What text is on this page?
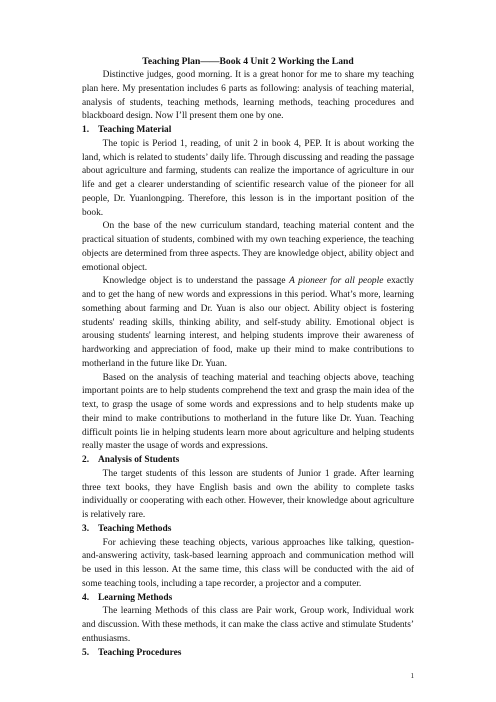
Teaching Plan——Book 4 Unit 2 Working the Land

Distinctive judges, good morning. It is a great honor for me to share my teaching plan here. My presentation includes 6 parts as following: analysis of teaching material, analysis of students, teaching methods, learning methods, teaching procedures and blackboard design. Now I’ll present them one by one.

1. Teaching Material

The topic is Period 1, reading, of unit 2 in book 4, PEP. It is about working the land, which is related to students’ daily life. Through discussing and reading the passage about agriculture and farming, students can realize the importance of agriculture in our life and get a clearer understanding of scientific research value of the pioneer for all people, Dr. Yuanlongping. Therefore, this lesson is in the important position of the book.

On the base of the new curriculum standard, teaching material content and the practical situation of students, combined with my own teaching experience, the teaching objects are determined from three aspects. They are knowledge object, ability object and emotional object.

Knowledge object is to understand the passage A pioneer for all people exactly and to get the hang of new words and expressions in this period. What’s more, learning something about farming and Dr. Yuan is also our object. Ability object is fostering students' reading skills, thinking ability, and self-study ability. Emotional object is arousing students' learning interest, and helping students improve their awareness of hardworking and appreciation of food, make up their mind to make contributions to motherland in the future like Dr. Yuan.

Based on the analysis of teaching material and teaching objects above, teaching important points are to help students comprehend the text and grasp the main idea of the text, to grasp the usage of some words and expressions and to help students make up their mind to make contributions to motherland in the future like Dr. Yuan. Teaching difficult points lie in helping students learn more about agriculture and helping students really master the usage of words and expressions.

2. Analysis of Students

The target students of this lesson are students of Junior 1 grade. After learning three text books, they have English basis and own the ability to complete tasks individually or cooperating with each other. However, their knowledge about agriculture is relatively rare.

3. Teaching Methods

For achieving these teaching objects, various approaches like talking, question-and-answering activity, task-based learning approach and communication method will be used in this lesson. At the same time, this class will be conducted with the aid of some teaching tools, including a tape recorder, a projector and a computer.

4. Learning Methods

The learning Methods of this class are Pair work, Group work, Individual work and discussion. With these methods, it can make the class active and stimulate Students’ enthusiasms.

5. Teaching Procedures
1
